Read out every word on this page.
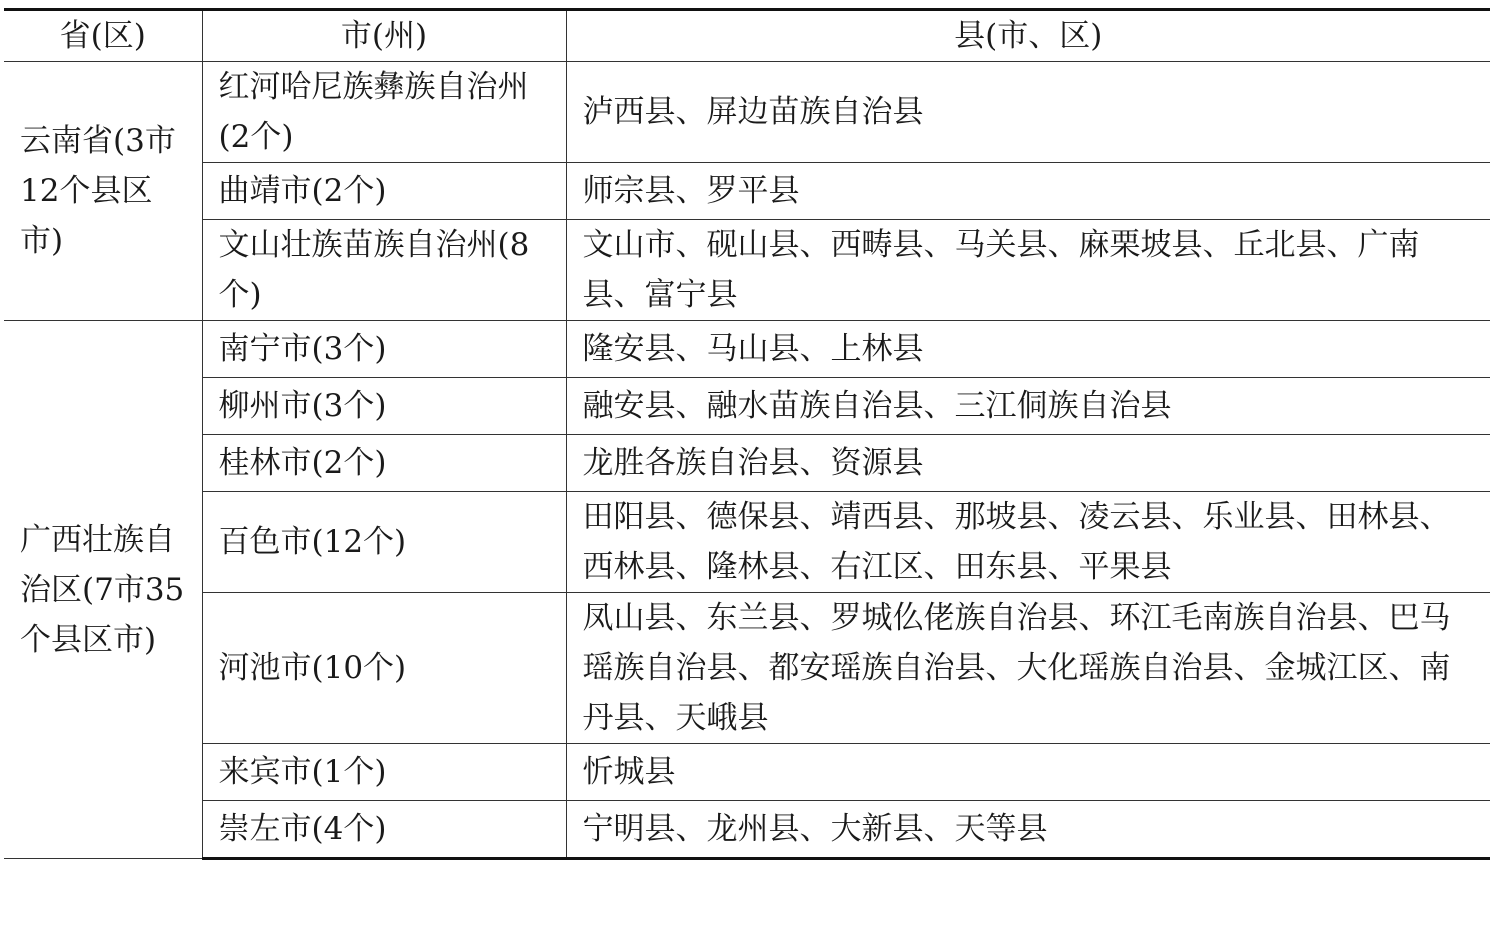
省(区)	市(州)	县(市、区)
云南省(3市12个县区市)	红河哈尼族彝族自治州(2个)	泸西县、屏边苗族自治县
	曲靖市(2个)	师宗县、罗平县
	文山壮族苗族自治州(8个)	文山市、砚山县、西畴县、马关县、麻栗坡县、丘北县、广南县、富宁县
广西壮族自治区(7市35个县区市)	南宁市(3个)	隆安县、马山县、上林县
	柳州市(3个)	融安县、融水苗族自治县、三江侗族自治县
	桂林市(2个)	龙胜各族自治县、资源县
	百色市(12个)	田阳县、德保县、靖西县、那坡县、凌云县、乐业县、田林县、西林县、隆林县、右江区、田东县、平果县
	河池市(10个)	凤山县、东兰县、罗城仫佬族自治县、环江毛南族自治县、巴马瑶族自治县、都安瑶族自治县、大化瑶族自治县、金城江区、南丹县、天峨县
	来宾市(1个)	忻城县
	崇左市(4个)	宁明县、龙州县、大新县、天等县
